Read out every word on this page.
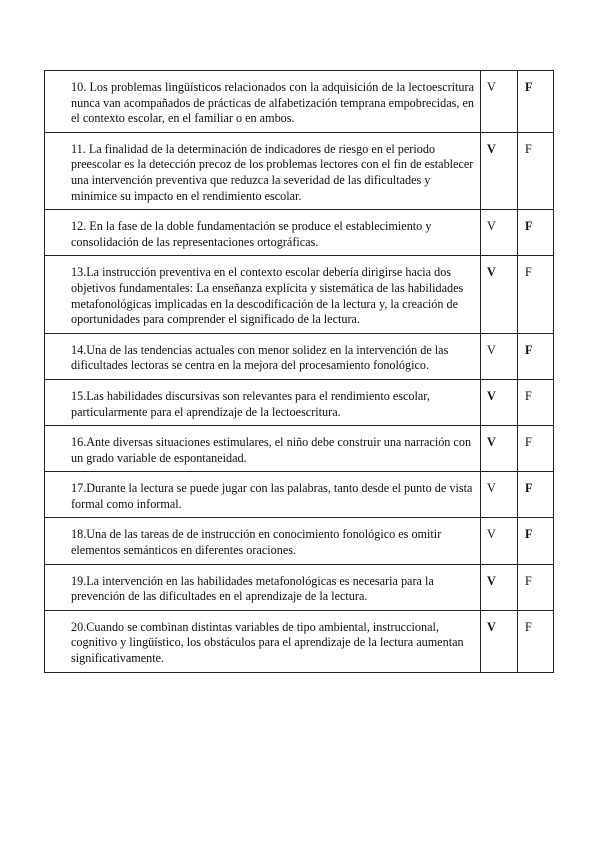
10. Los problemas lingüísticos relacionados con la adquisición de la lectoescritura nunca van acompañados de prácticas de alfabetización temprana empobrecidas, en el contexto escolar, en el familiar o en ambos.	V	F

11. La finalidad de la determinación de indicadores de riesgo en el periodo preescolar es la detección precoz de los problemas lectores con el fin de establecer una intervención preventiva que reduzca la severidad de las dificultades y minimice su impacto en el rendimiento escolar.	V	F

12. En la fase de la doble fundamentación se produce el establecimiento y consolidación de las representaciones ortográficas.	V	F

13.La instrucción preventiva en el contexto escolar debería dirigirse hacia dos objetivos fundamentales: La enseñanza explícita y sistemática de las habilidades metafonológicas implicadas en la descodificación de la lectura y, la creación de oportunidades para comprender el significado de la lectura.	V	F

14.Una de las tendencias actuales con menor solidez en la intervención de las dificultades lectoras se centra en la mejora del procesamiento fonológico.	V	F

15.Las habilidades discursivas son relevantes para el rendimiento escolar, particularmente para el aprendizaje de la lectoescritura.	V	F

16.Ante diversas situaciones estimulares, el niño debe construir una narración con un grado variable de espontaneidad.	V	F

17.Durante la lectura se puede jugar con las palabras, tanto desde el punto de vista formal como informal.	V	F

18.Una de las tareas de de instrucción en conocimiento fonológico es omitir elementos semánticos en diferentes oraciones.	V	F

19.La intervención en las habilidades metafonológicas es necesaria para la prevención de las dificultades en el aprendizaje de la lectura.	V	F

20.Cuando se combinan distintas variables de tipo ambiental, instruccional, cognitivo y lingüístico, los obstáculos para el aprendizaje de la lectura aumentan significativamente.	V	F
